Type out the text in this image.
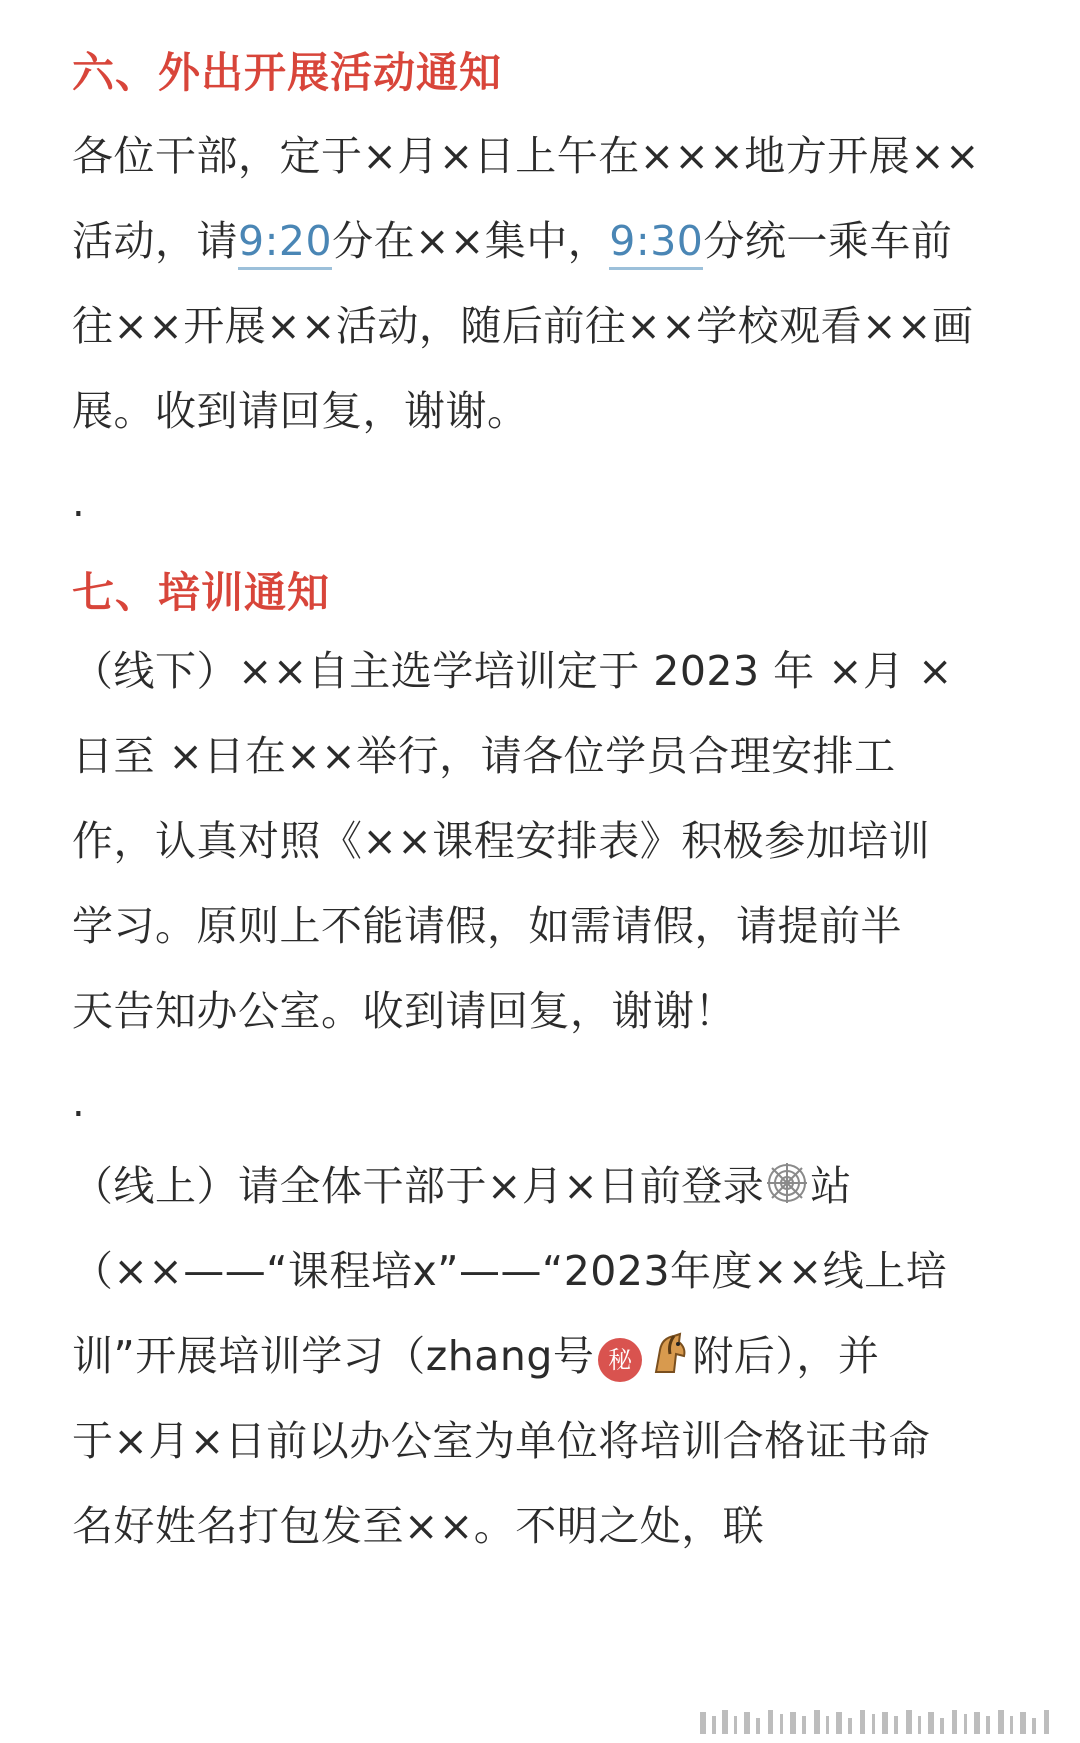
六、外出开展活动通知
各位干部，定于×月×日上午在×××地方开展××
活动，请9:20分在××集中，9:30分统一乘车前
往××开展××活动，随后前往××学校观看××画
展。收到请回复，谢谢。
.
七、培训通知
（线下）××自主选学培训定于 2023 年 ×月 ×
日至 ×日在××举行，请各位学员合理安排工
作，认真对照《××课程安排表》积极参加培训
学习。原则上不能请假，如需请假，请提前半
天告知办公室。收到请回复，谢谢！
.
（线上）请全体干部于×月×日前登录 站
（××——“课程培x”——“2023年度××线上培
训”开展培训学习（zhang号 秘 附后），并
于×月×日前以办公室为单位将培训合格证书命
名好姓名打包发至××。不明之处，联
